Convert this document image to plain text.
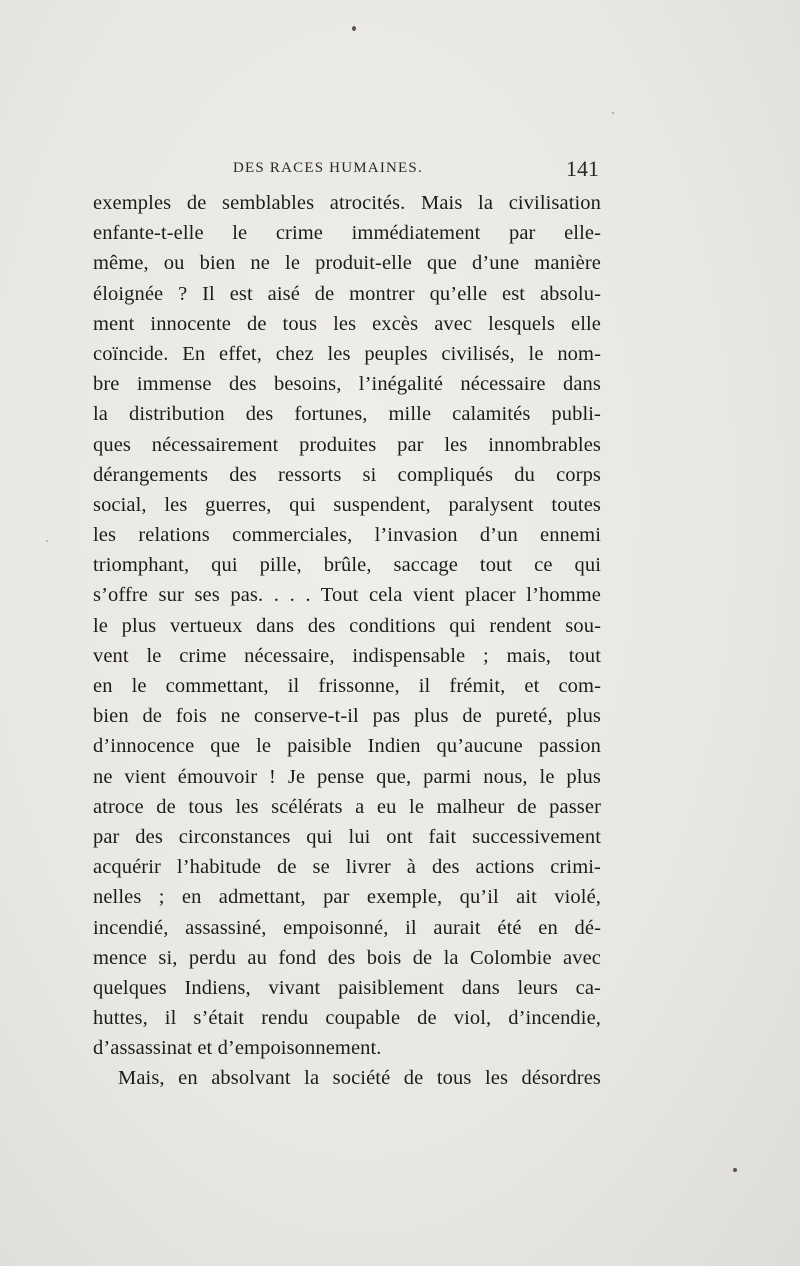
DES RACES HUMAINES.	141
exemples de semblables atrocités. Mais la civilisation
enfante-t-elle le crime immédiatement par elle-
même, ou bien ne le produit-elle que d’une manière
éloignée ? Il est aisé de montrer qu’elle est absolu-
ment innocente de tous les excès avec lesquels elle
coïncide. En effet, chez les peuples civilisés, le nom-
bre immense des besoins, l’inégalité nécessaire dans
la distribution des fortunes, mille calamités publi-
ques nécessairement produites par les innombrables
dérangements des ressorts si compliqués du corps
social, les guerres, qui suspendent, paralysent toutes
les relations commerciales, l’invasion d’un ennemi
triomphant, qui pille, brûle, saccage tout ce qui
s’offre sur ses pas. . . . Tout cela vient placer l’homme
le plus vertueux dans des conditions qui rendent sou-
vent le crime nécessaire, indispensable ; mais, tout
en le commettant, il frissonne, il frémit, et com-
bien de fois ne conserve-t-il pas plus de pureté, plus
d’innocence que le paisible Indien qu’aucune passion
ne vient émouvoir ! Je pense que, parmi nous, le plus
atroce de tous les scélérats a eu le malheur de passer
par des circonstances qui lui ont fait successivement
acquérir l’habitude de se livrer à des actions crimi-
nelles ; en admettant, par exemple, qu’il ait violé,
incendié, assassiné, empoisonné, il aurait été en dé-
mence si, perdu au fond des bois de la Colombie avec
quelques Indiens, vivant paisiblement dans leurs ca-
huttes, il s’était rendu coupable de viol, d’incendie,
d’assassinat et d’empoisonnement.
Mais, en absolvant la société de tous les désordres
